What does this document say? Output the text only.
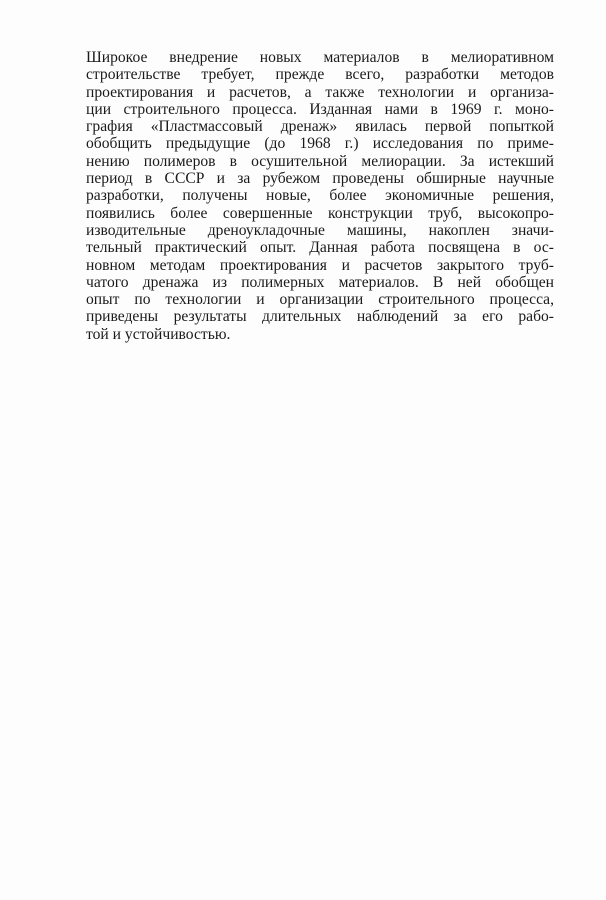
Широкое внедрение новых материалов в мелиоративном
строительстве требует, прежде всего, разработки методов
проектирования и расчетов, а также технологии и организа-
ции строительного процесса. Изданная нами в 1969 г. моно-
графия «Пластмассовый дренаж» явилась первой попыткой
обобщить предыдущие (до 1968 г.) исследования по приме-
нению полимеров в осушительной мелиорации. За истекший
период в СССР и за рубежом проведены обширные научные
разработки, получены новые, более экономичные решения,
появились более совершенные конструкции труб, высокопро-
изводительные дреноукладочные машины, накоплен значи-
тельный практический опыт. Данная работа посвящена в ос-
новном методам проектирования и расчетов закрытого труб-
чатого дренажа из полимерных материалов. В ней обобщен
опыт по технологии и организации строительного процесса,
приведены результаты длительных наблюдений за его рабо-
той и устойчивостью.
